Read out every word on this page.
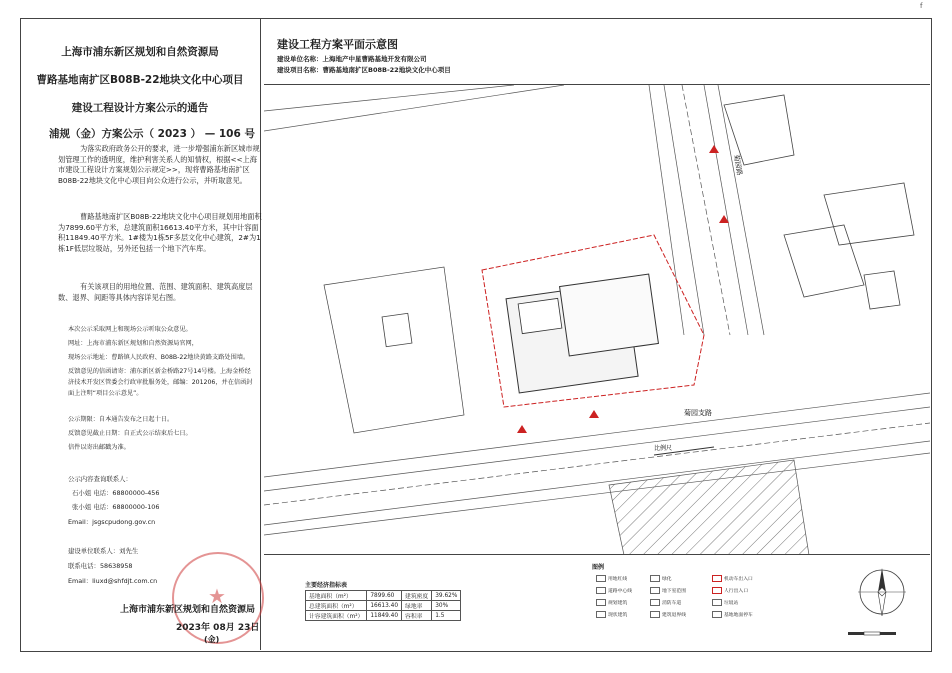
f
上海市浦东新区规划和自然资源局
曹路基地南扩区B08B-22地块文化中心项目
建设工程设计方案公示的通告
浦规（金）方案公示（ 2023 ） — 106 号
为落实政府政务公开的要求，进一步增强浦东新区城市规划管理工作的透明度，维护利害关系人的知情权，根据<<上海市建设工程设计方案规划公示规定>>，现将曹路基地南扩区B08B-22地块文化中心项目向公众进行公示，并听取意见。
曹路基地南扩区B08B-22地块文化中心项目规划用地面积为7899.60平方米，总建筑面积16613.40平方米，其中计容面积11849.40平方米。1#楼为1栋5F多层文化中心建筑，2#为1栋1F低层垃圾站，另外还包括一个地下汽车库。
有关该项目的用地位置、范围、建筑面积、建筑高度层数、退界、间距等具体内容详见右图。
本次公示采取网上和现场公示听取公众意见。
网址：上海市浦东新区规划和自然资源局官网，
现场公示地址：曹路镇人民政府、B08B-22地块黄路支路处围墙。
反馈意见的信函请寄：浦东新区新金桥路27号14号楼。上海金桥经济技术开发区管委会行政审批服务处，邮编：201206，并在信函封面上注明“项目公示意见”。
公示期限：自本通告发布之日起十日。
反馈意见截止日期：自正式公示结束后七日。
信件以寄出邮戳为准。
公示内容查询联系人：
石小姐 电话：68800000-456
张小姐 电话：68800000-106
Email：jsgscpudong.gov.cn
建设单位联系人：刘先生
联系电话：58638958
Email：liuxd@shfdjt.com.cn
★
上海市浦东新区规划和自然资源局
2023年 08月 23日
(金)
建设工程方案平面示意图
建设单位名称：上海地产中星曹路基地开发有限公司
建设项目名称：曹路基地南扩区B08B-22地块文化中心项目
菊园支路
菊园路
比例尺
主要经济指标表
基地面积（m²）	7899.60	建筑密度	39.62%
总建筑面积（m²）	16613.40	绿地率	30%
计容建筑面积（m²）	11849.40	容积率	1.5
图例
用地红线
道路中心线
规划建筑
现状建筑
绿化
地下室范围
消防车道
建筑退界线
机动车出入口
人行出入口
垃圾站
基地地面停车
